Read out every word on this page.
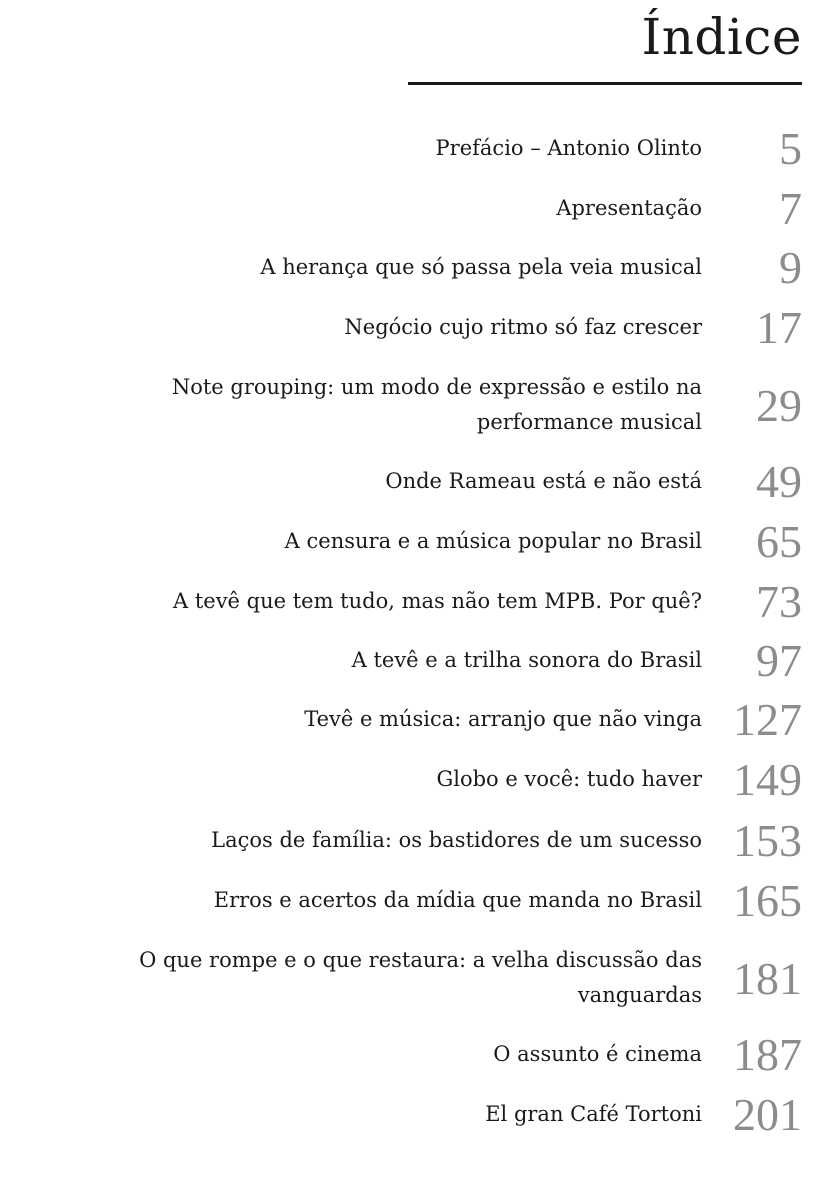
Índice
Prefácio – Antonio Olinto	5
Apresentação	7
A herança que só passa pela veia musical	9
Negócio cujo ritmo só faz crescer	17
Note grouping: um modo de expressão e estilo na performance musical	29
Onde Rameau está e não está	49
A censura e a música popular no Brasil	65
A tevê que tem tudo, mas não tem MPB. Por quê?	73
A tevê e a trilha sonora do Brasil	97
Tevê e música: arranjo que não vinga 127
Globo e você: tudo haver 149
Laços de família: os bastidores de um sucesso 153
Erros e acertos da mídia que manda no Brasil 165
O que rompe e o que restaura: a velha discussão das vanguardas 181
O assunto é cinema 187
El gran Café Tortoni 201
